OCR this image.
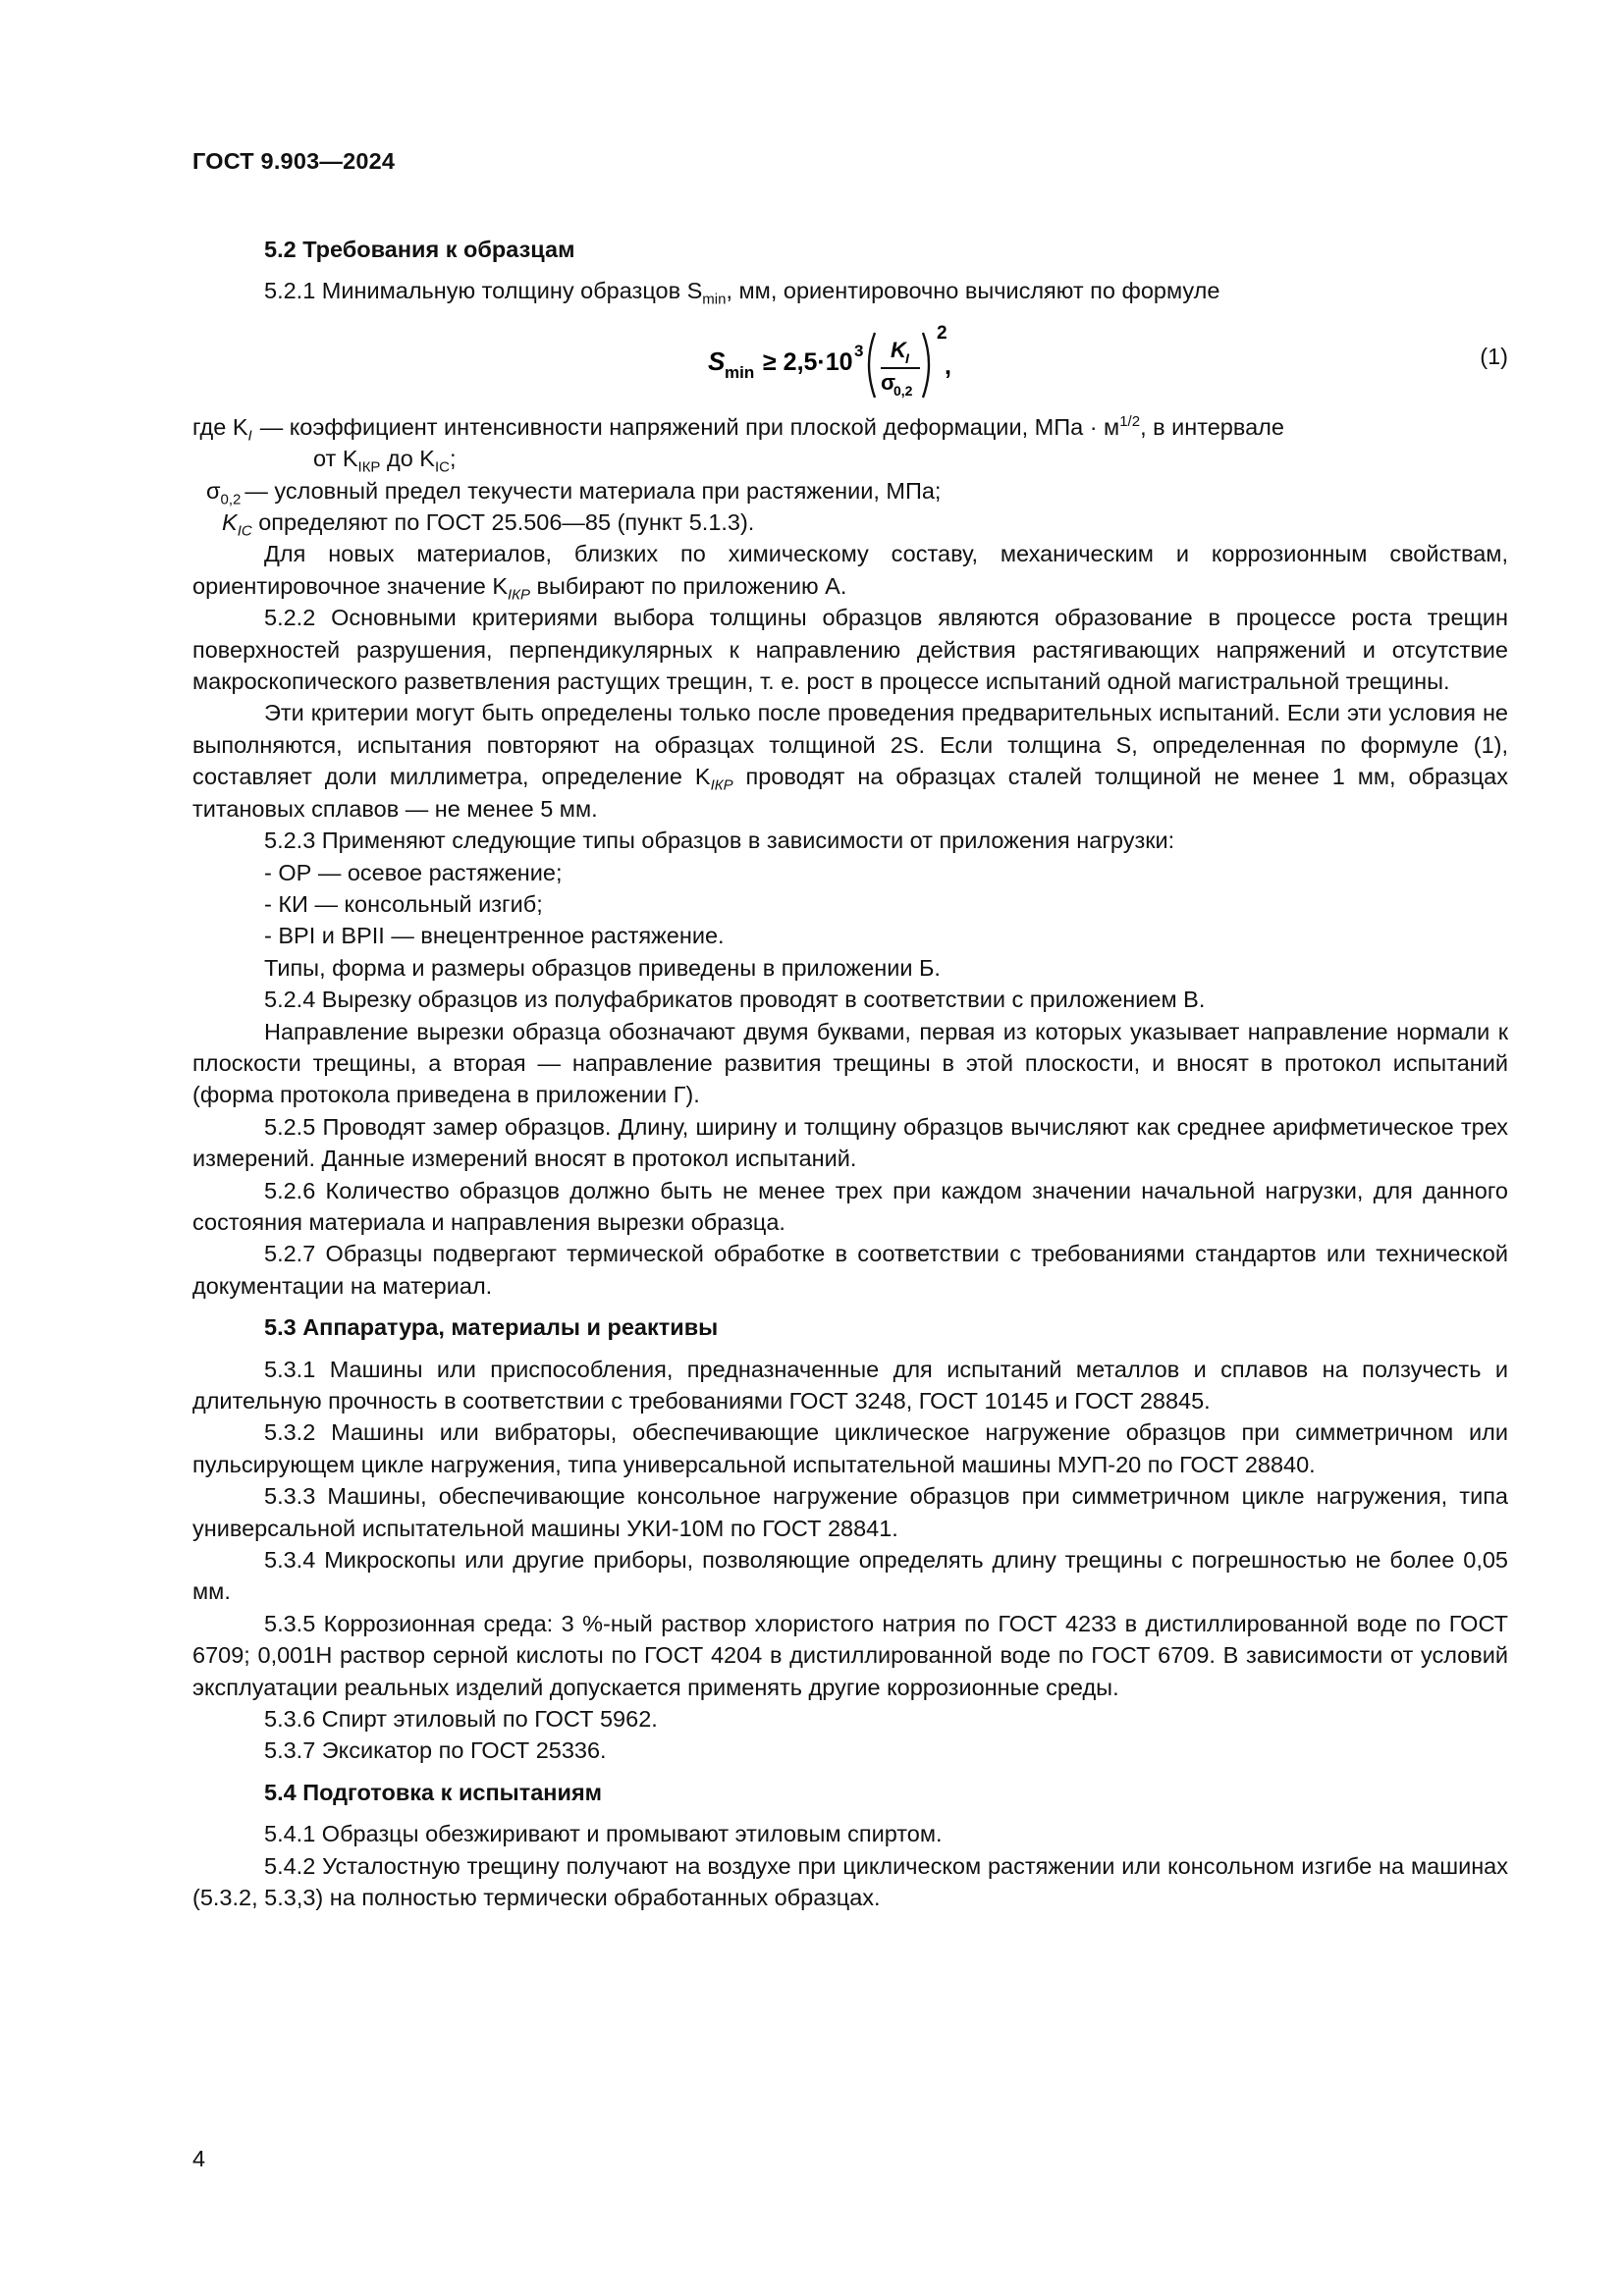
ГОСТ 9.903—2024
5.2 Требования к образцам

5.2.1 Минимальную толщину образцов $S_{min}$, мм, ориентировочно вычисляют по формуле

S min ≥ 2,5·10 3 K I
σ
0,2
2
,	(1)
где $K_I$ — коэффициент интенсивности напряжений при плоской деформации, МПа · $м^{1/2}$, в интервале

от $K_{IКР}$ до $K_{IС}$;

$\sigma_{0,2}$ — условный предел текучести материала при растяжении, МПа;

$K_{IС}$ определяют по ГОСТ 25.506—85 (пункт 5.1.3).

Для новых материалов, близких по химическому составу, механическим и коррозионным свойствам, ориентировочное значение $K_{IКР}$ выбирают по приложению А.

5.2.2 Основными критериями выбора толщины образцов являются образование в процессе роста трещин поверхностей разрушения, перпендикулярных к направлению действия растягивающих напряжений и отсутствие макроскопического разветвления растущих трещин, т. е. рост в процессе испытаний одной магистральной трещины.

Эти критерии могут быть определены только после проведения предварительных испытаний. Если эти условия не выполняются, испытания повторяют на образцах толщиной 2S. Если толщина S, определенная по формуле (1), составляет доли миллиметра, определение $K_{IКР}$ проводят на образцах сталей толщиной не менее 1 мм, образцах титановых сплавов — не менее 5 мм.

5.2.3 Применяют следующие типы образцов в зависимости от приложения нагрузки:

- ОР — осевое растяжение;

- КИ — консольный изгиб;

- ВРI и ВРII — внецентренное растяжение.

Типы, форма и размеры образцов приведены в приложении Б.

5.2.4 Вырезку образцов из полуфабрикатов проводят в соответствии с приложением В.

Направление вырезки образца обозначают двумя буквами, первая из которых указывает направление нормали к плоскости трещины, а вторая — направление развития трещины в этой плоскости, и вносят в протокол испытаний (форма протокола приведена в приложении Г).

5.2.5 Проводят замер образцов. Длину, ширину и толщину образцов вычисляют как среднее арифметическое трех измерений. Данные измерений вносят в протокол испытаний.

5.2.6 Количество образцов должно быть не менее трех при каждом значении начальной нагрузки, для данного состояния материала и направления вырезки образца.

5.2.7 Образцы подвергают термической обработке в соответствии с требованиями стандартов или технической документации на материал.

5.3 Аппаратура, материалы и реактивы

5.3.1 Машины или приспособления, предназначенные для испытаний металлов и сплавов на ползучесть и длительную прочность в соответствии с требованиями ГОСТ 3248, ГОСТ 10145 и ГОСТ 28845.

5.3.2 Машины или вибраторы, обеспечивающие циклическое нагружение образцов при симметричном или пульсирующем цикле нагружения, типа универсальной испытательной машины МУП-20 по ГОСТ 28840.

5.3.3 Машины, обеспечивающие консольное нагружение образцов при симметричном цикле нагружения, типа универсальной испытательной машины УКИ-10М по ГОСТ 28841.

5.3.4 Микроскопы или другие приборы, позволяющие определять длину трещины с погрешностью не более 0,05 мм.

5.3.5 Коррозионная среда: 3 %-ный раствор хлористого натрия по ГОСТ 4233 в дистиллированной воде по ГОСТ 6709; 0,001Н раствор серной кислоты по ГОСТ 4204 в дистиллированной воде по ГОСТ 6709. В зависимости от условий эксплуатации реальных изделий допускается применять другие коррозионные среды.

5.3.6 Спирт этиловый по ГОСТ 5962.

5.3.7 Эксикатор по ГОСТ 25336.

5.4 Подготовка к испытаниям

5.4.1 Образцы обезжиривают и промывают этиловым спиртом.

5.4.2 Усталостную трещину получают на воздухе при циклическом растяжении или консольном изгибе на машинах (5.3.2, 5.3,3) на полностью термически обработанных образцах.

4
